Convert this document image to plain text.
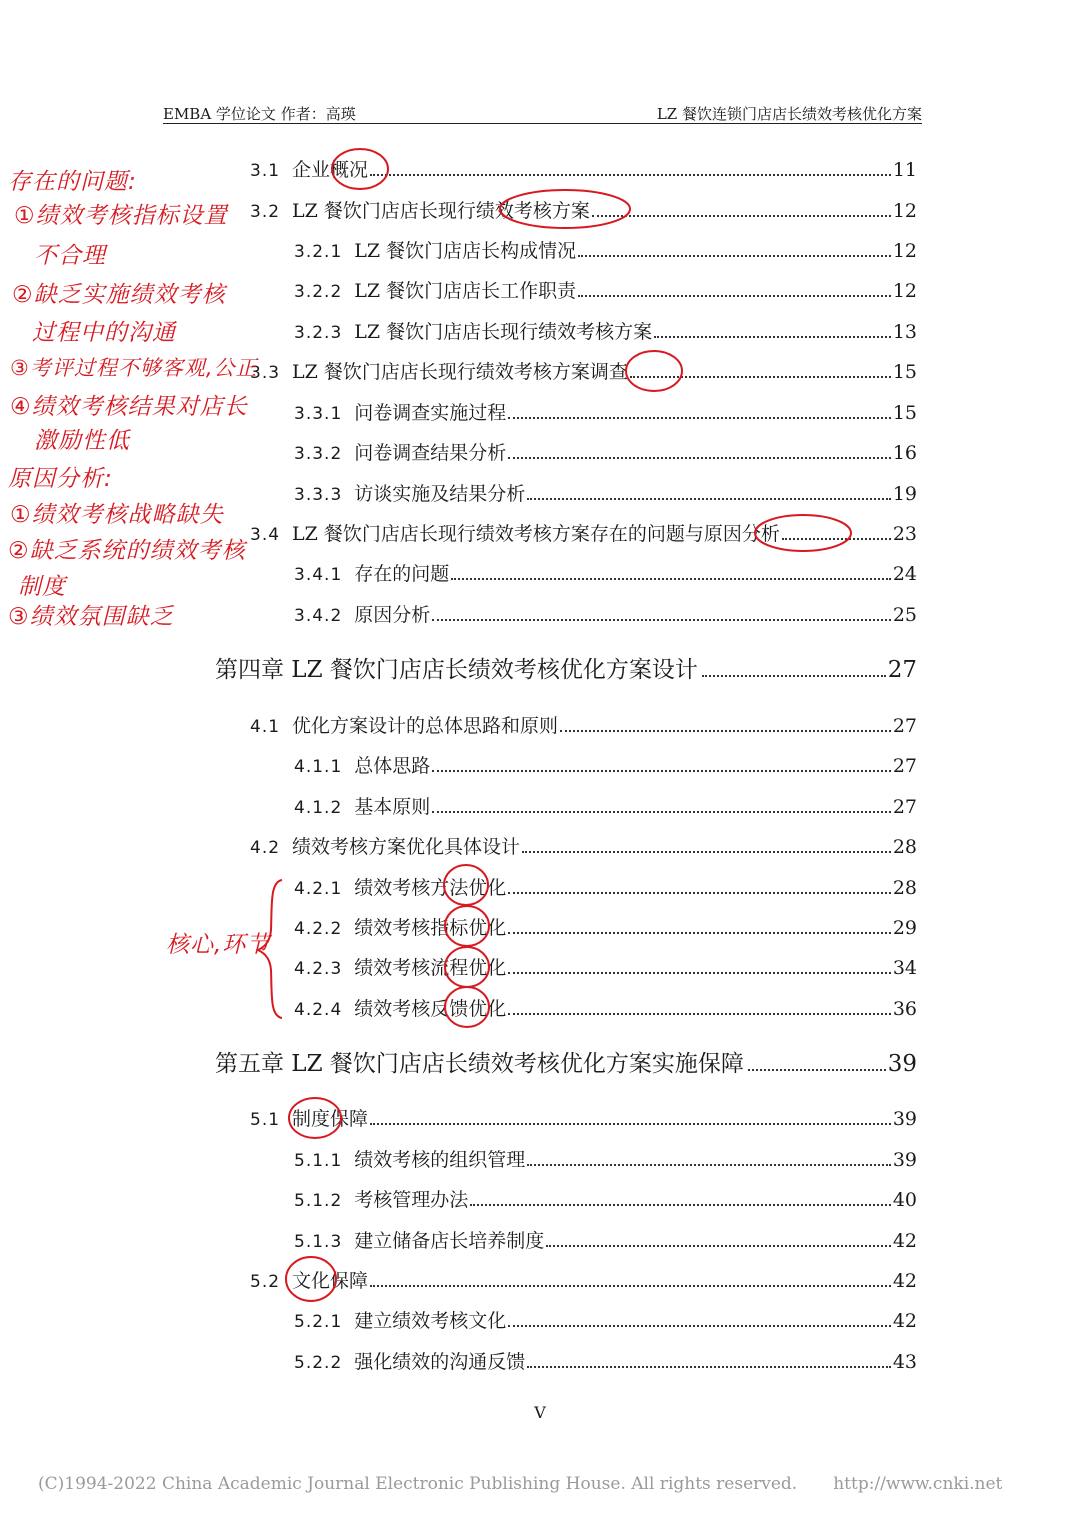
EMBA 学位论文 作者：高瑛	LZ 餐饮连锁门店店长绩效考核优化方案
3.1 企业概况	11
3.2 LZ 餐饮门店店长现行绩效考核方案	12
3.2.1 LZ 餐饮门店店长构成情况	12
3.2.2 LZ 餐饮门店店长工作职责	12
3.2.3 LZ 餐饮门店店长现行绩效考核方案	13
3.3 LZ 餐饮门店店长现行绩效考核方案调查	15
3.3.1 问卷调查实施过程	15
3.3.2 问卷调查结果分析	16
3.3.3 访谈实施及结果分析	19
3.4 LZ 餐饮门店店长现行绩效考核方案存在的问题与原因分析	23
3.4.1 存在的问题	24
3.4.2 原因分析	25
第四章 LZ 餐饮门店店长绩效考核优化方案设计	27
4.1 优化方案设计的总体思路和原则	27
4.1.1 总体思路	27
4.1.2 基本原则	27
4.2 绩效考核方案优化具体设计	28
4.2.1 绩效考核方法优化	28
4.2.2 绩效考核指标优化	29
4.2.3 绩效考核流程优化	34
4.2.4 绩效考核反馈优化	36
第五章 LZ 餐饮门店店长绩效考核优化方案实施保障	39
5.1 制度保障	39
5.1.1 绩效考核的组织管理	39
5.1.2 考核管理办法	40
5.1.3 建立储备店长培养制度	42
5.2 文化保障	42
5.2.1 建立绩效考核文化	42
5.2.2 强化绩效的沟通反馈	43
存在的问题:
①绩效考核指标设置
不合理
②缺乏实施绩效考核
过程中的沟通
③考评过程不够客观,公正
④绩效考核结果对店长
激励性低
原因分析:
①绩效考核战略缺失
②缺乏系统的绩效考核
制度
③绩效氛围缺乏
核心,环节
V
(C)1994-2022 China Academic Journal Electronic Publishing House. All rights reserved. http://www.cnki.net
